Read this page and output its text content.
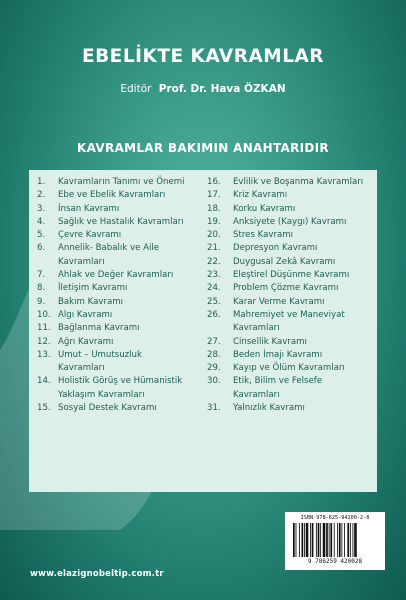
EBELİKTE KAVRAMLAR
Editör Prof. Dr. Hava ÖZKAN
KAVRAMLAR BAKIMIN ANAHTARIDIR
1.	Kavramların Tanımı ve Önemi
2.	Ebe ve Ebelik Kavramları
3.	İnsan Kavramı
4.	Sağlık ve Hastalık Kavramları
5.	Çevre Kavramı
6.	Annelik- Babalık ve Aile
Kavramları
7.	Ahlak ve Değer Kavramları
8.	İletişim Kavramı
9.	Bakım Kavramı
10. Algı Kavramı
11. Bağlanma Kavramı
12. Ağrı Kavramı
13. Umut – Umutsuzluk
Kavramları
14. Holistik Görüş ve Hümanistik
Yaklaşım Kavramları
15. Sosyal Destek Kavramı
16.	Evlilik ve Boşanma Kavramları
17.	Kriz Kavramı
18.	Korku Kavramı
19.	Anksiyete (Kaygı) Kavramı
20.	Stres Kavramı
21.	Depresyon Kavramı
22.	Duygusal Zekâ Kavramı
23.	Eleştirel Düşünme Kavramı
24.	Problem Çözme Kavramı
25.	Karar Verme Kavramı
26.	Mahremiyet ve Maneviyat
Kavramları
27.	Cinsellik Kavramı
28.	Beden İmajı Kavramı
29.	Kayıp ve Ölüm Kavramları
30.	Etik, Bilim ve Felsefe
Kavramları
31.	Yalnızlık Kavramı
ISBN 978-625-94200-2-8
9 786259 420028
www.elazignobeltip.com.tr
